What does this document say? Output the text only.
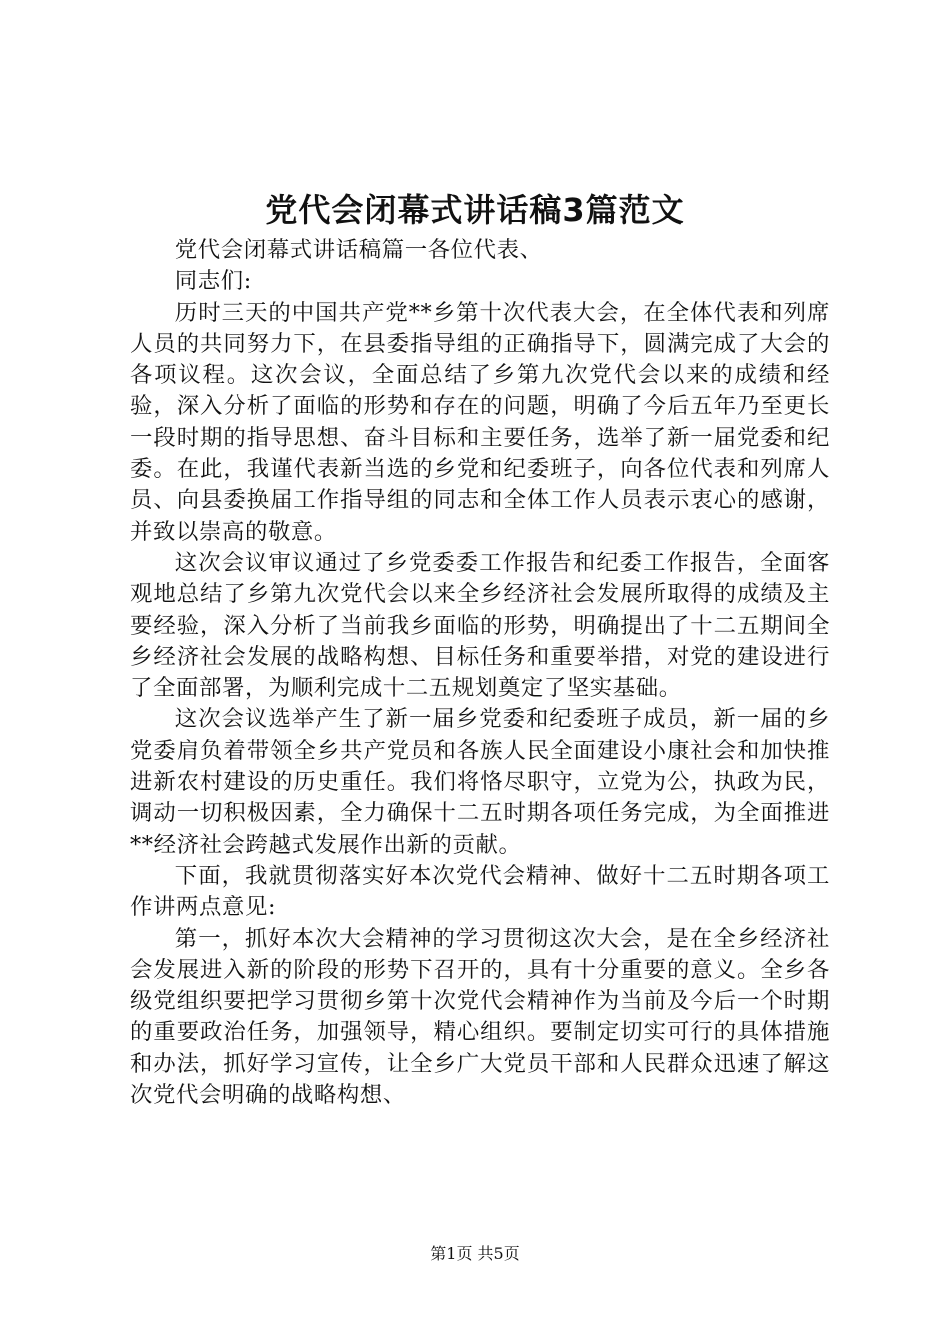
党代会闭幕式讲话稿3篇范文

党代会闭幕式讲话稿篇一各位代表、

同志们:

历时三天的中国共产党**乡第十次代表大会，在全体代表和列席人员的共同努力下，在县委指导组的正确指导下，圆满完成了大会的各项议程。这次会议，全面总结了乡第九次党代会以来的成绩和经验，深入分析了面临的形势和存在的问题，明确了今后五年乃至更长一段时期的指导思想、奋斗目标和主要任务，选举了新一届党委和纪委。在此，我谨代表新当选的乡党和纪委班子，向各位代表和列席人员、向县委换届工作指导组的同志和全体工作人员表示衷心的感谢，并致以崇高的敬意。

这次会议审议通过了乡党委委工作报告和纪委工作报告，全面客观地总结了乡第九次党代会以来全乡经济社会发展所取得的成绩及主要经验，深入分析了当前我乡面临的形势，明确提出了十二五期间全乡经济社会发展的战略构想、目标任务和重要举措，对党的建设进行了全面部署，为顺利完成十二五规划奠定了坚实基础。

这次会议选举产生了新一届乡党委和纪委班子成员，新一届的乡党委肩负着带领全乡共产党员和各族人民全面建设小康社会和加快推进新农村建设的历史重任。我们将恪尽职守，立党为公，执政为民，调动一切积极因素，全力确保十二五时期各项任务完成，为全面推进**经济社会跨越式发展作出新的贡献。

下面，我就贯彻落实好本次党代会精神、做好十二五时期各项工作讲两点意见:

第一，抓好本次大会精神的学习贯彻这次大会，是在全乡经济社会发展进入新的阶段的形势下召开的，具有十分重要的意义。全乡各级党组织要把学习贯彻乡第十次党代会精神作为当前及今后一个时期的重要政治任务，加强领导，精心组织。要制定切实可行的具体措施和办法，抓好学习宣传，让全乡广大党员干部和人民群众迅速了解这次党代会明确的战略构想、

第1页 共5页
